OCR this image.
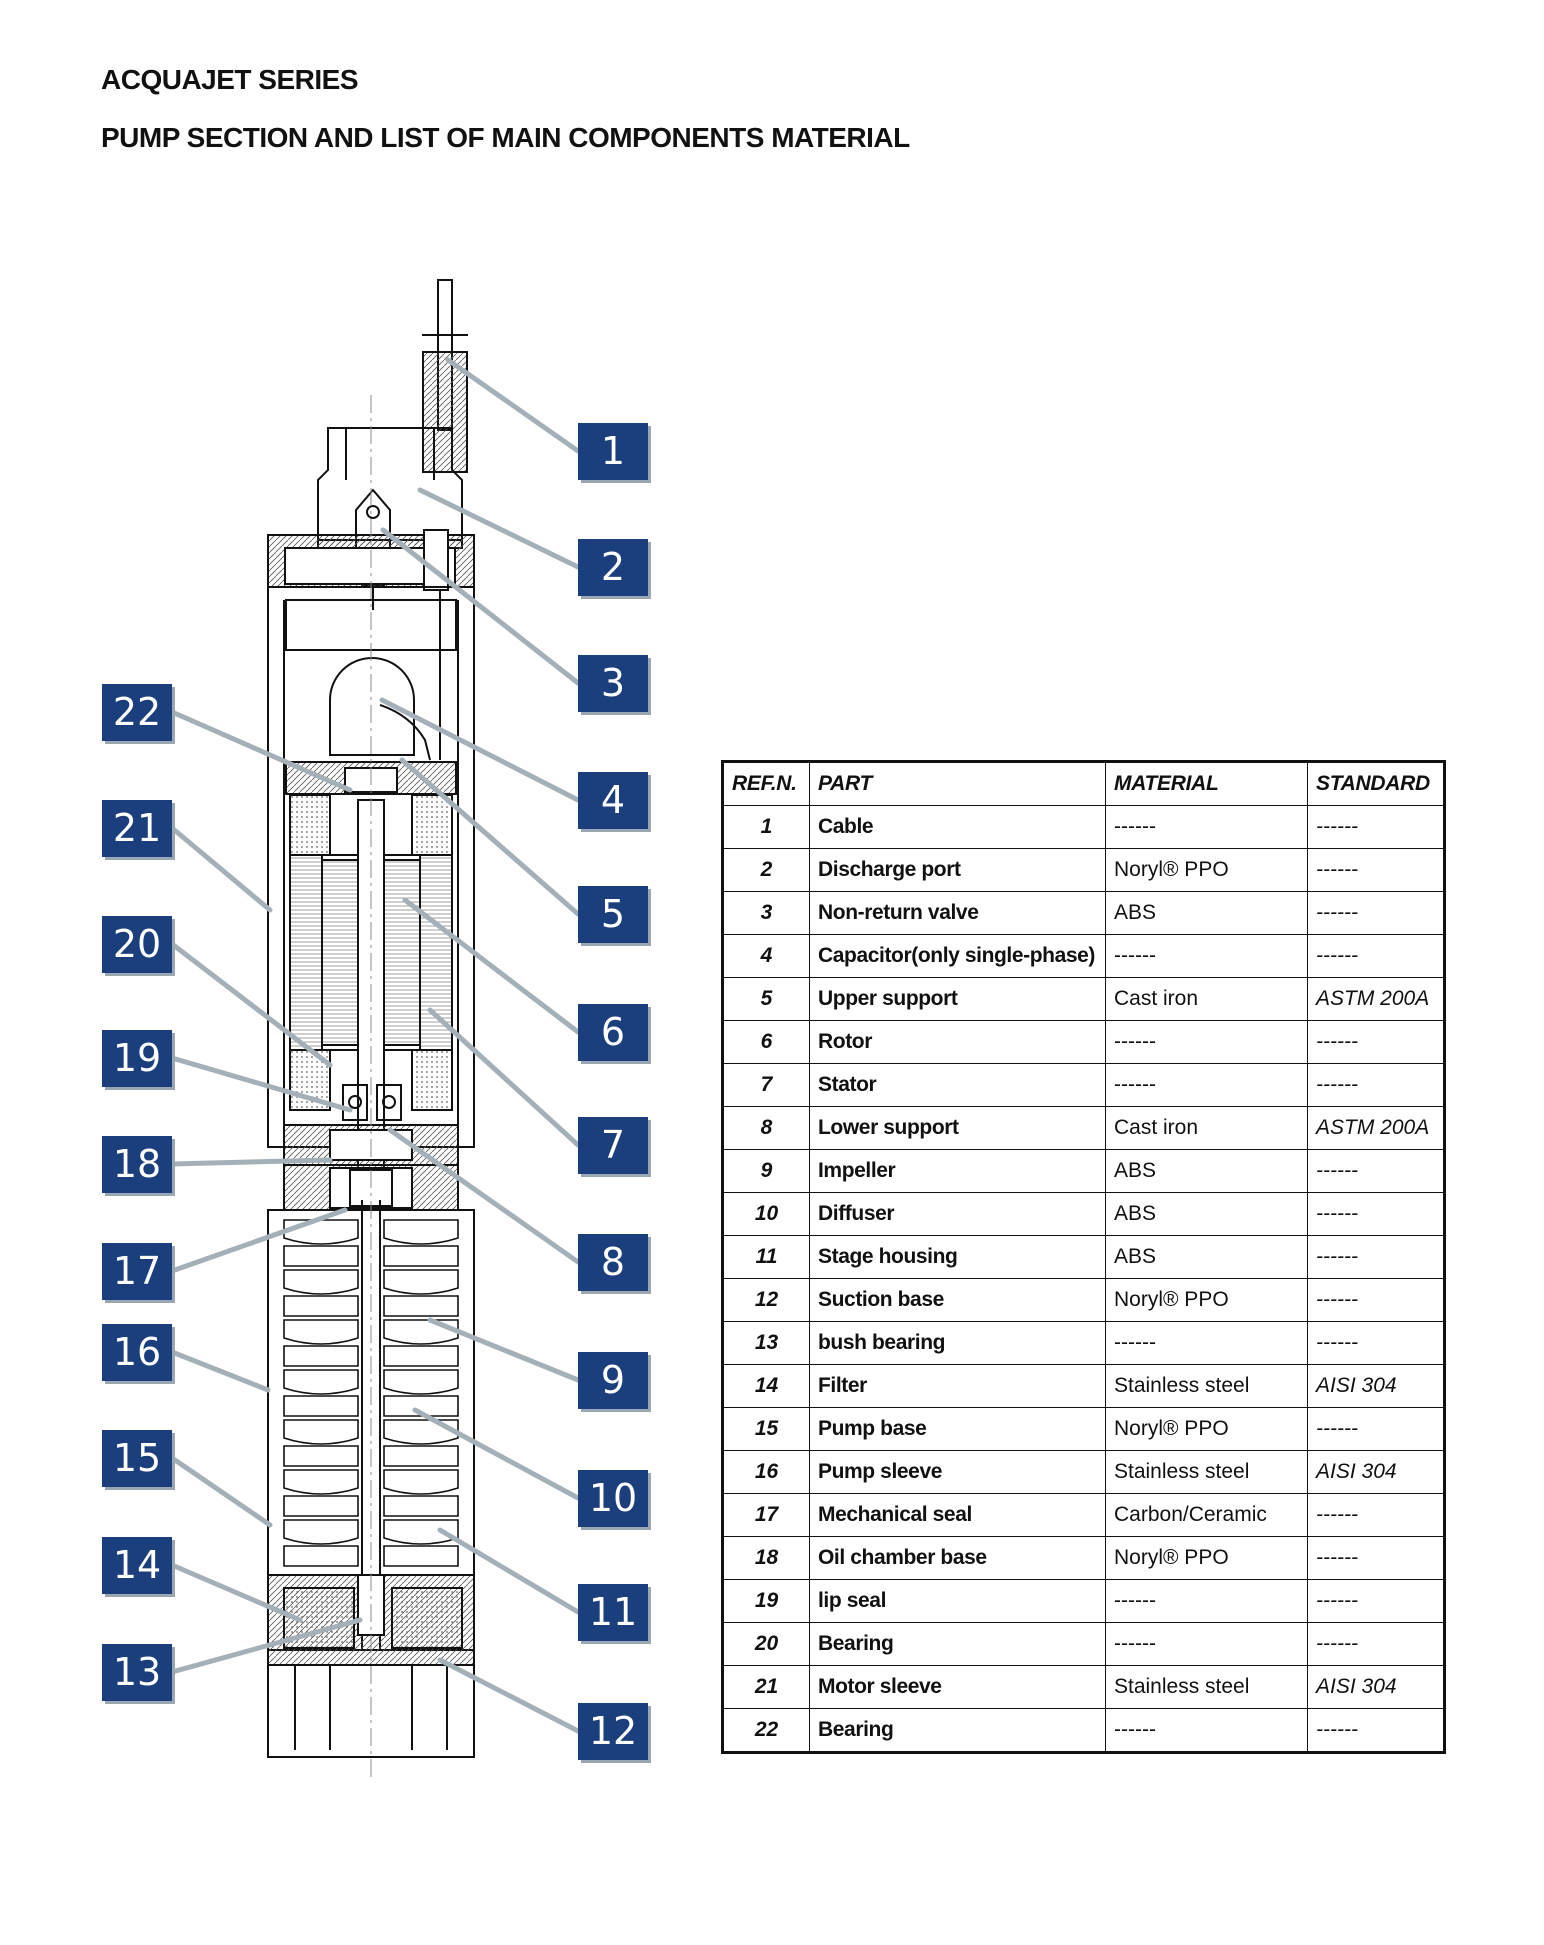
ACQUAJET SERIES
PUMP SECTION AND LIST OF MAIN COMPONENTS MATERIAL
1
2
3
4
5
6
7
8
9
10
11
12
13
14
15
16
17
18
19
20
21
22
REF.N.	PART	MATERIAL	STANDARD
1	Cable	------	------
2	Discharge port	Noryl® PPO	------
3	Non-return valve	ABS	------
4	Capacitor(only single-phase)	------	------
5	Upper support	Cast iron	ASTM 200A
6	Rotor	------	------
7	Stator	------	------
8	Lower support	Cast iron	ASTM 200A
9	Impeller	ABS	------
10	Diffuser	ABS	------
11	Stage housing	ABS	------
12	Suction base	Noryl® PPO	------
13	bush bearing	------	------
14	Filter	Stainless steel	AISI 304
15	Pump base	Noryl® PPO	------
16	Pump sleeve	Stainless steel	AISI 304
17	Mechanical seal	Carbon/Ceramic	------
18	Oil chamber base	Noryl® PPO	------
19	lip seal	------	------
20	Bearing	------	------
21	Motor sleeve	Stainless steel	AISI 304
22	Bearing	------	------
